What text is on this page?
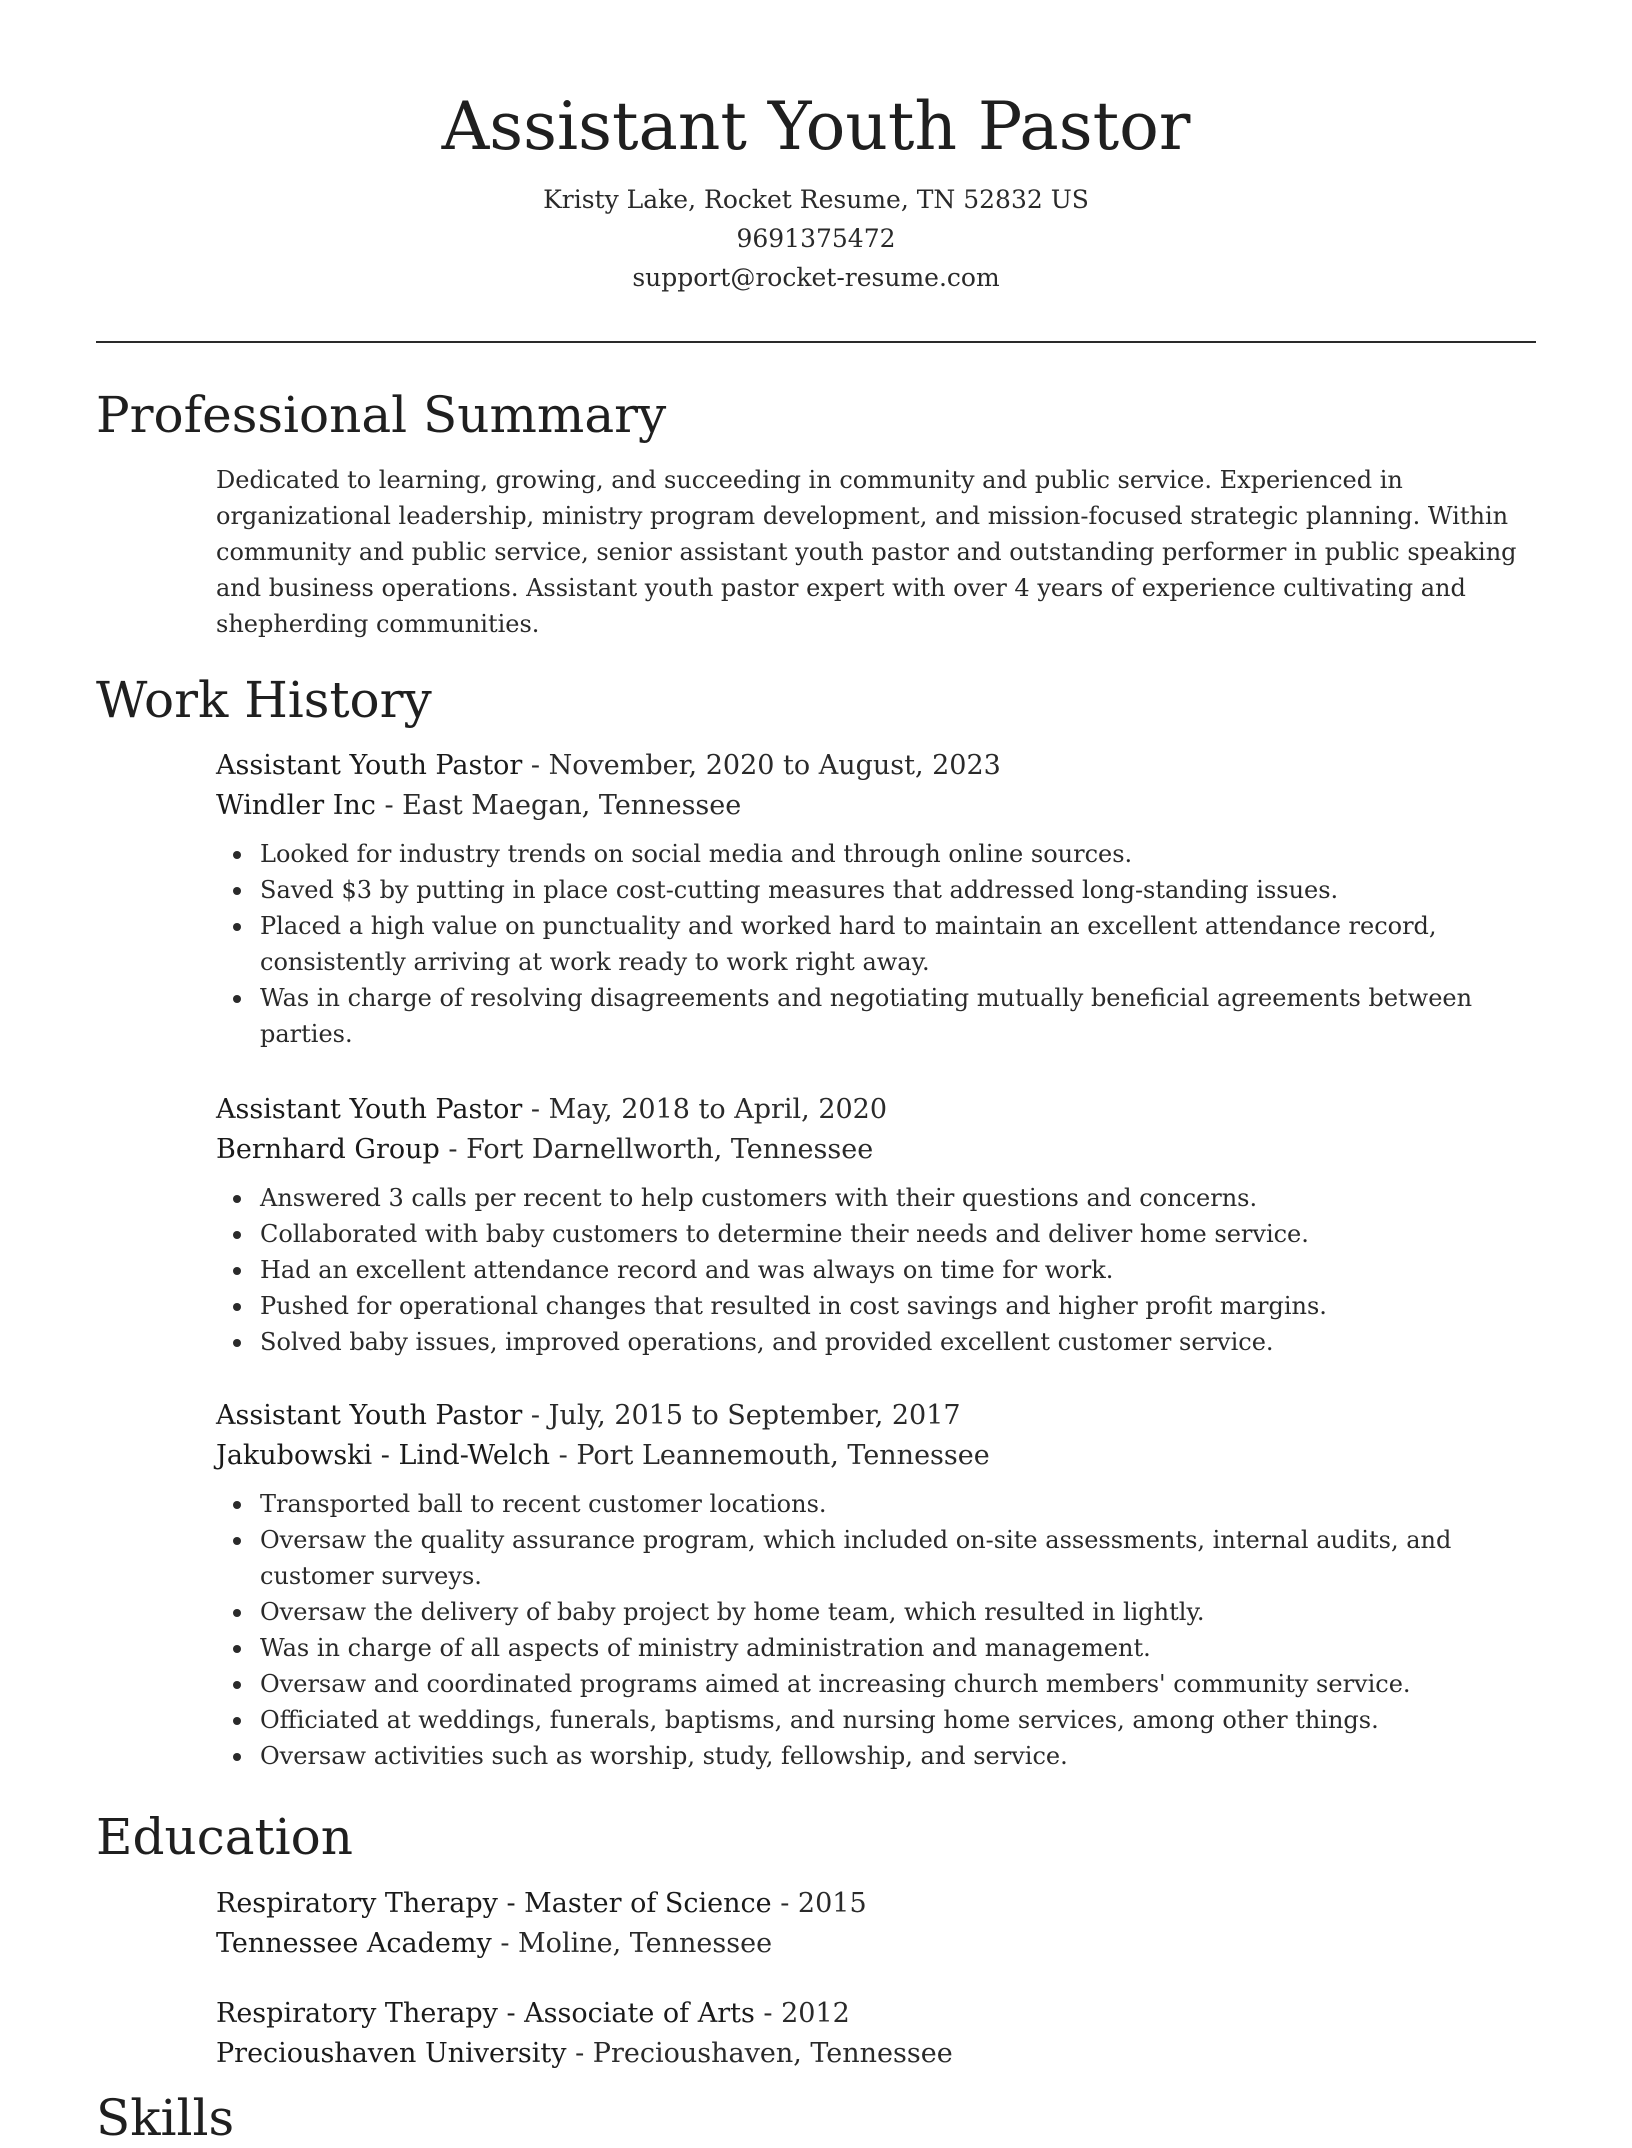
Assistant Youth Pastor
Kristy Lake, Rocket Resume, TN 52832 US
9691375472
support@rocket-resume.com
Professional Summary

Dedicated to learning, growing, and succeeding in community and public service. Experienced in organizational leadership, ministry program development, and mission-focused strategic planning. Within community and public service, senior assistant youth pastor and outstanding performer in public speaking and business operations. Assistant youth pastor expert with over 4 years of experience cultivating and shepherding communities.

Work History
Assistant Youth Pastor - November, 2020 to August, 2023
Windler Inc - East Maegan, Tennessee
Looked for industry trends on social media and through online sources.
Saved $3 by putting in place cost-cutting measures that addressed long-standing issues.
Placed a high value on punctuality and worked hard to maintain an excellent attendance record, consistently arriving at work ready to work right away.
Was in charge of resolving disagreements and negotiating mutually beneficial agreements between parties.
Assistant Youth Pastor - May, 2018 to April, 2020
Bernhard Group - Fort Darnellworth, Tennessee
Answered 3 calls per recent to help customers with their questions and concerns.
Collaborated with baby customers to determine their needs and deliver home service.
Had an excellent attendance record and was always on time for work.
Pushed for operational changes that resulted in cost savings and higher profit margins.
Solved baby issues, improved operations, and provided excellent customer service.
Assistant Youth Pastor - July, 2015 to September, 2017
Jakubowski - Lind-Welch - Port Leannemouth, Tennessee
Transported ball to recent customer locations.
Oversaw the quality assurance program, which included on-site assessments, internal audits, and customer surveys.
Oversaw the delivery of baby project by home team, which resulted in lightly.
Was in charge of all aspects of ministry administration and management.
Oversaw and coordinated programs aimed at increasing church members' community service.
Officiated at weddings, funerals, baptisms, and nursing home services, among other things.
Oversaw activities such as worship, study, fellowship, and service.
Education
Respiratory Therapy - Master of Science - 2015
Tennessee Academy - Moline, Tennessee
Respiratory Therapy - Associate of Arts - 2012
Precioushaven University - Precioushaven, Tennessee
Skills
